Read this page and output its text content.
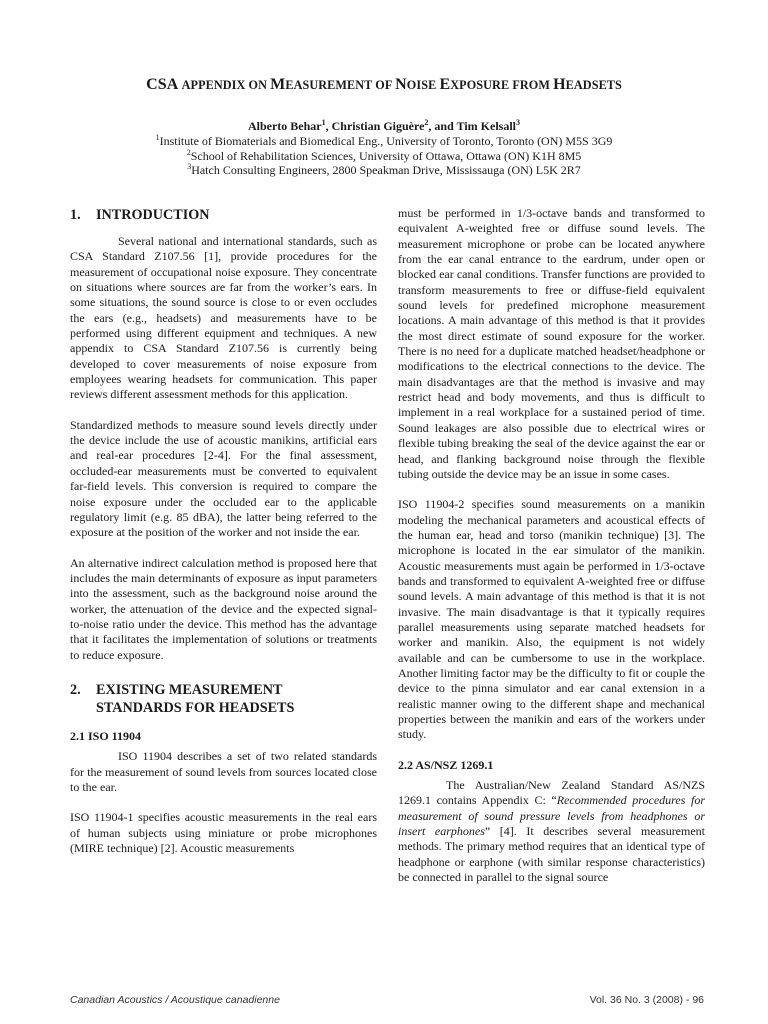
CSA APPENDIX ON MEASUREMENT OF NOISE EXPOSURE FROM HEADSETS
Alberto Behar$^1$, Christian Giguère$^2$, and Tim Kelsall$^3$
$^1$Institute of Biomaterials and Biomedical Eng., University of Toronto, Toronto (ON) M5S 3G9
$^2$School of Rehabilitation Sciences, University of Ottawa, Ottawa (ON) K1H 8M5
$^3$Hatch Consulting Engineers, 2800 Speakman Drive, Mississauga (ON) L5K 2R7
1. INTRODUCTION

Several national and international standards, such as CSA Standard Z107.56 [1], provide procedures for the measurement of occupational noise exposure. They concentrate on situations where sources are far from the worker’s ears. In some situations, the sound source is close to or even occludes the ears (e.g., headsets) and measurements have to be performed using different equipment and techniques. A new appendix to CSA Standard Z107.56 is currently being developed to cover measurements of noise exposure from employees wearing headsets for communication. This paper reviews different assessment methods for this application.

Standardized methods to measure sound levels directly under the device include the use of acoustic manikins, artificial ears and real-ear procedures [2-4]. For the final assessment, occluded-ear measurements must be converted to equivalent far-field levels. This conversion is required to compare the noise exposure under the occluded ear to the applicable regulatory limit (e.g. 85 dBA), the latter being referred to the exposure at the position of the worker and not inside the ear.

An alternative indirect calculation method is proposed here that includes the main determinants of exposure as input parameters into the assessment, such as the background noise around the worker, the attenuation of the device and the expected signal-to-noise ratio under the device. This method has the advantage that it facilitates the implementation of solutions or treatments to reduce exposure.

2. EXISTING MEASUREMENT
STANDARDS FOR HEADSETS
2.1 ISO 11904

ISO 11904 describes a set of two related standards for the measurement of sound levels from sources located close to the ear.

ISO 11904-1 specifies acoustic measurements in the real ears of human subjects using miniature or probe microphones (MIRE technique) [2]. Acoustic measurements

must be performed in 1/3-octave bands and transformed to equivalent A-weighted free or diffuse sound levels. The measurement microphone or probe can be located anywhere from the ear canal entrance to the eardrum, under open or blocked ear canal conditions. Transfer functions are provided to transform measurements to free or diffuse-field equivalent sound levels for predefined microphone measurement locations. A main advantage of this method is that it provides the most direct estimate of sound exposure for the worker. There is no need for a duplicate matched headset/headphone or modifications to the electrical connections to the device. The main disadvantages are that the method is invasive and may restrict head and body movements, and thus is difficult to implement in a real workplace for a sustained period of time. Sound leakages are also possible due to electrical wires or flexible tubing breaking the seal of the device against the ear or head, and flanking background noise through the flexible tubing outside the device may be an issue in some cases.

ISO 11904-2 specifies sound measurements on a manikin modeling the mechanical parameters and acoustical effects of the human ear, head and torso (manikin technique) [3]. The microphone is located in the ear simulator of the manikin. Acoustic measurements must again be performed in 1/3-octave bands and transformed to equivalent A-weighted free or diffuse sound levels. A main advantage of this method is that it is not invasive. The main disadvantage is that it typically requires parallel measurements using separate matched headsets for worker and manikin. Also, the equipment is not widely available and can be cumbersome to use in the workplace. Another limiting factor may be the difficulty to fit or couple the device to the pinna simulator and ear canal extension in a realistic manner owing to the different shape and mechanical properties between the manikin and ears of the workers under study.

2.2 AS/NSZ 1269.1

The Australian/New Zealand Standard AS/NZS 1269.1 contains Appendix C: “Recommended procedures for measurement of sound pressure levels from headphones or insert earphones” [4]. It describes several measurement methods. The primary method requires that an identical type of headphone or earphone (with similar response characteristics) be connected in parallel to the signal source

Canadian Acoustics / Acoustique canadienne	Vol. 36 No. 3 (2008) - 96
